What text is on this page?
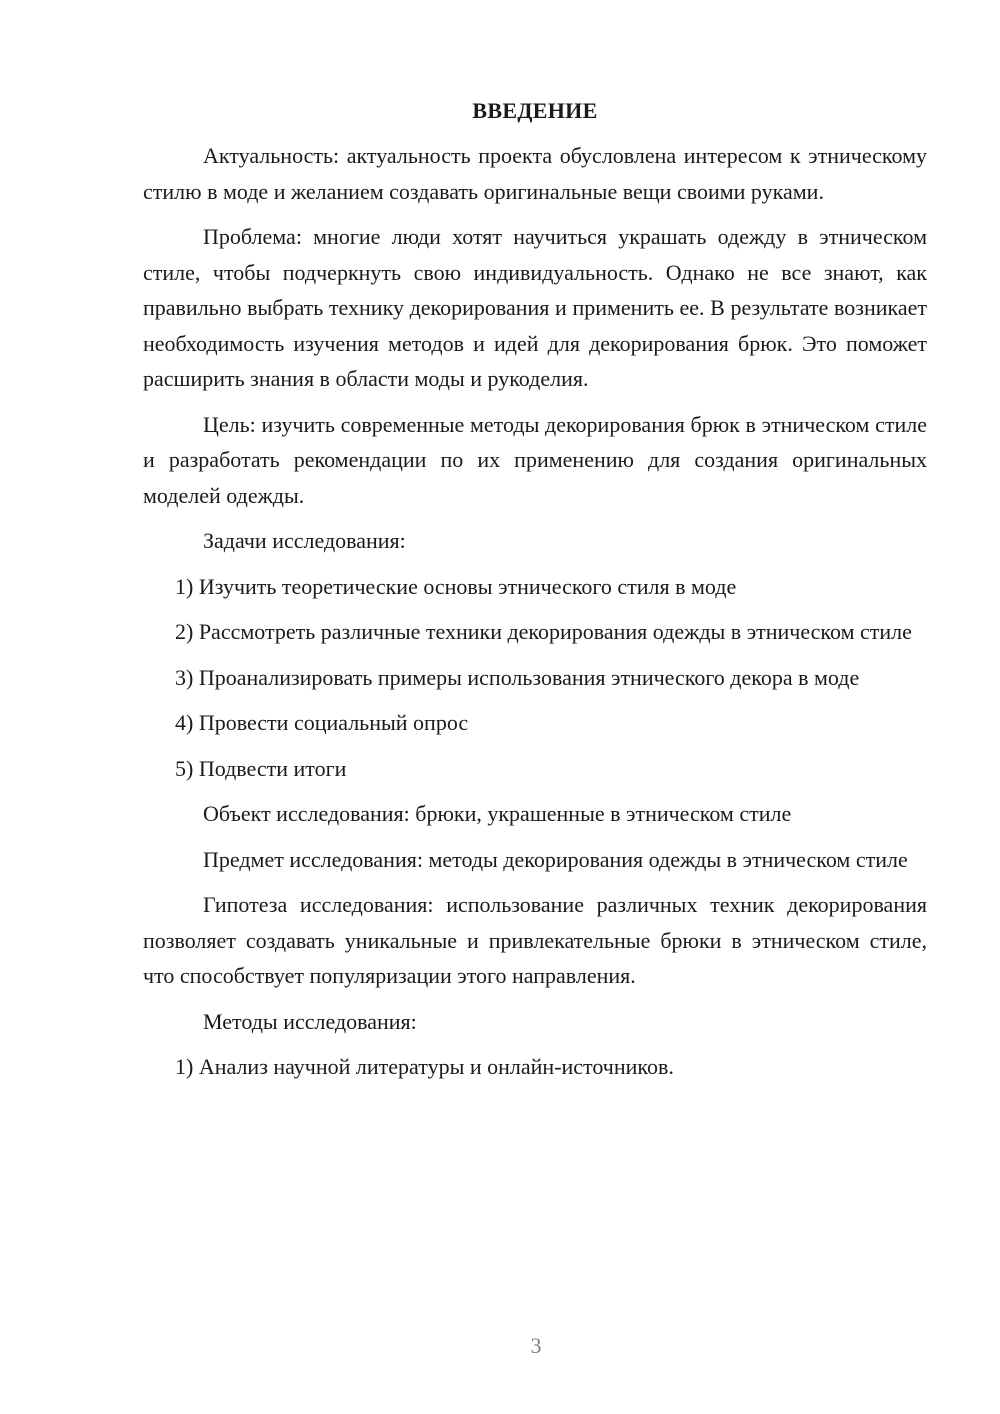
ВВЕДЕНИЕ

Актуальность: актуальность проекта обусловлена интересом к этническому стилю в моде и желанием создавать оригинальные вещи своими руками.

Проблема: многие люди хотят научиться украшать одежду в этническом стиле, чтобы подчеркнуть свою индивидуальность. Однако не все знают, как правильно выбрать технику декорирования и применить ее. В результате возникает необходимость изучения методов и идей для декорирования брюк. Это поможет расширить знания в области моды и рукоделия.

Цель: изучить современные методы декорирования брюк в этническом стиле и разработать рекомендации по их применению для создания оригинальных моделей одежды.

Задачи исследования:

1) Изучить теоретические основы этнического стиля в моде

2) Рассмотреть различные техники декорирования одежды в этническом стиле

3) Проанализировать примеры использования этнического декора в моде

4) Провести социальный опрос

5) Подвести итоги

Объект исследования: брюки, украшенные в этническом стиле

Предмет исследования: методы декорирования одежды в этническом стиле

Гипотеза исследования: использование различных техник декорирования позволяет создавать уникальные и привлекательные брюки в этническом стиле, что способствует популяризации этого направления.

Методы исследования:

1) Анализ научной литературы и онлайн-источников.

3
